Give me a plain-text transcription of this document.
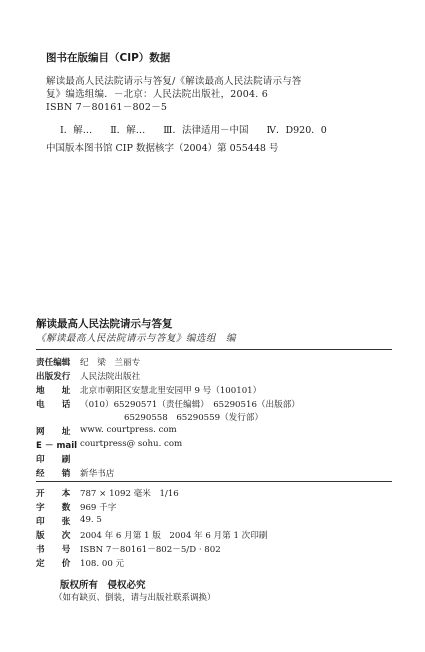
图书在版编目（CIP）数据
解读最高人民法院请示与答复/《解读最高人民法院请示与答
复》编选组编．－北京：人民法院出版社，2004. 6
ISBN 7－80161－802－5
Ⅰ．解… Ⅱ．解… Ⅲ．法律适用－中国 Ⅳ．D920．0
中国版本图书馆 CIP 数据核字（2004）第 055448 号
解读最高人民法院请示与答复
《解读最高人民法院请示与答复》编选组　编
责任编辑	纪　梁　兰丽专
出版发行	人民法院出版社
地　　址	北京市朝阳区安慧北里安园甲 9 号（100101）
电　　话	（010）65290571（责任编辑）　65290516（出版部）
65290558　65290559（发行部）
网　　址	www. courtpress. com
E － mail courtpress@ sohu. com
印　　刷
经　　销	新华书店
开　　本	787 × 1092 毫米　1/16
字　　数	969 千字
印　　张	49. 5
版　　次	2004 年 6 月第 1 版　2004 年 6 月第 1 次印刷
书　　号	ISBN 7－80161－802－5/D · 802
定　　价	108. 00 元
版权所有　侵权必究
（如有缺页、倒装，请与出版社联系调换）
